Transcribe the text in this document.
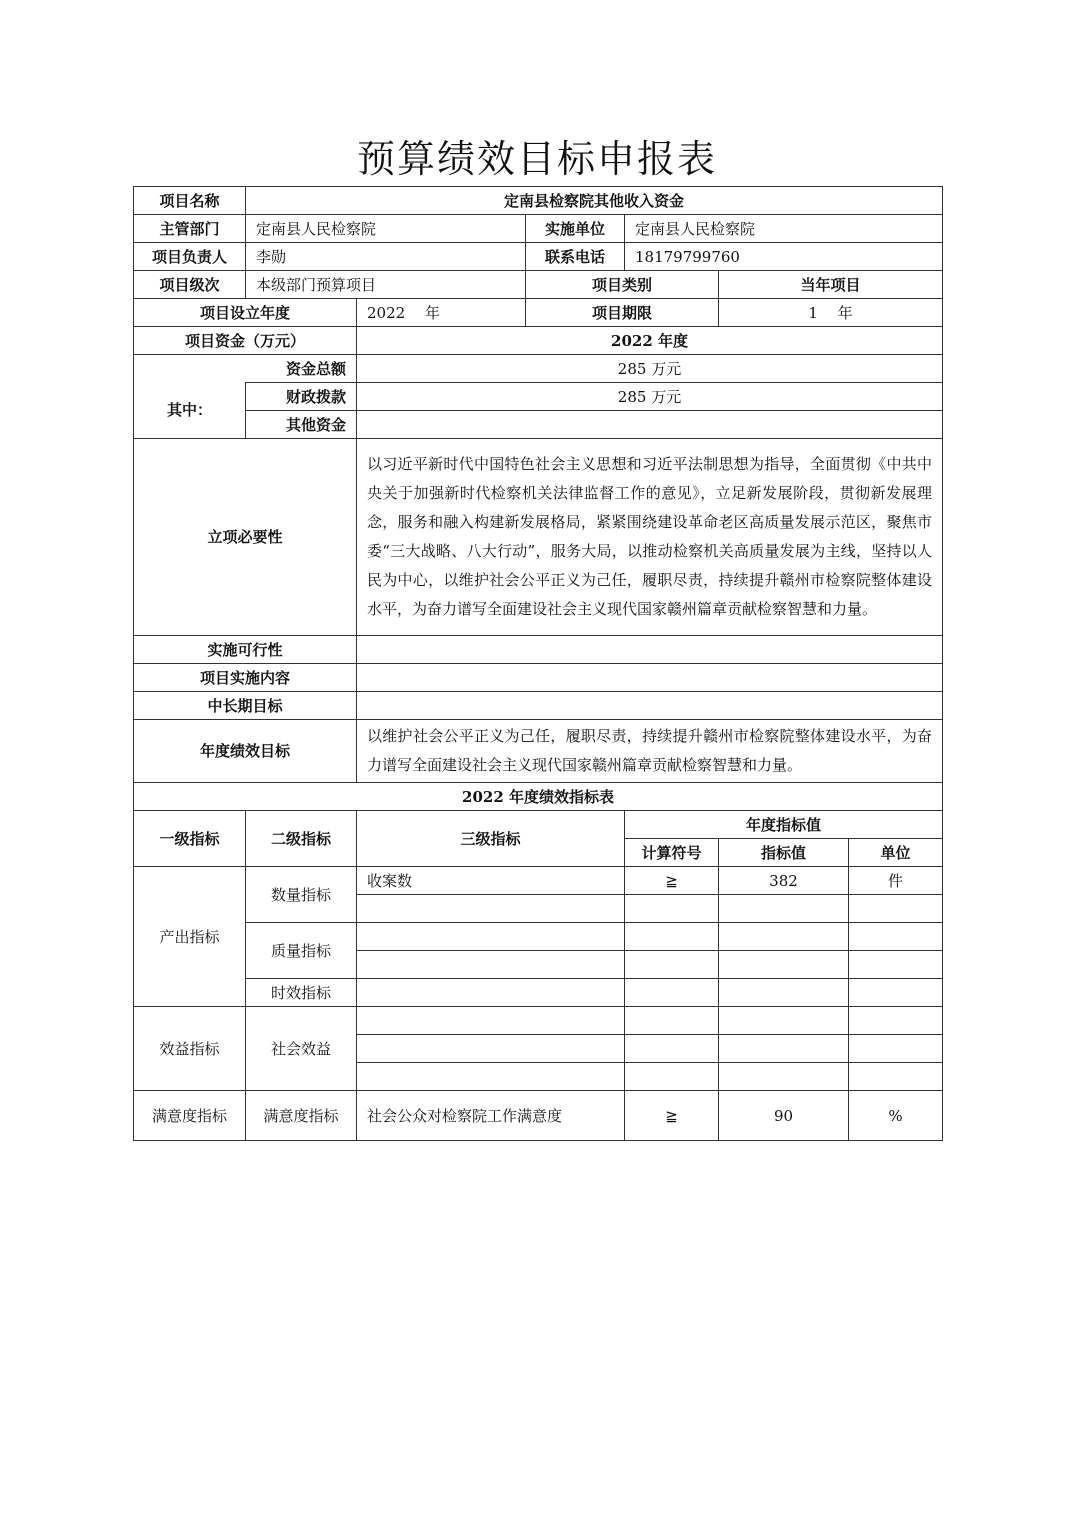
预算绩效目标申报表
项目名称	定南县检察院其他收入资金					
主管部门	定南县人民检察院		实施单位	定南县人民检察院		
项目负责人	李勋		联系电话	18179799760		
项目级次	本级部门预算项目		项目类别		当年项目	
项目设立年度		2022　 年	项目期限		1　 年	
项目资金（万元）		2022 年度				
	资金总额	285 万元				
其中：	财政拨款	285 万元				
	其他资金					
立项必要性		以习近平新时代中国特色社会主义思想和习近平法制思想为指导，全面贯彻《中共中央关于加强新时代检察机关法律监督工作的意见》，立足新发展阶段，贯彻新发展理念，服务和融入构建新发展格局，紧紧围绕建设革命老区高质量发展示范区，聚焦市委“三大战略、八大行动”，服务大局，以推动检察机关高质量发展为主线，坚持以人民为中心，以维护社会公平正义为己任，履职尽责，持续提升赣州市检察院整体建设水平，为奋力谱写全面建设社会主义现代国家赣州篇章贡献检察智慧和力量。				
实施可行性						
项目实施内容						
中长期目标						
年度绩效目标		以维护社会公平正义为己任，履职尽责，持续提升赣州市检察院整体建设水平，为奋力谱写全面建设社会主义现代国家赣州篇章贡献检察智慧和力量。				
2022 年度绩效指标表						
一级指标	二级指标	三级指标		年度指标值		
				计算符号	指标值	单位
产出指标	数量指标	收案数		≧	382	件

	质量指标					

	时效指标					
效益指标	社会效益					

满意度指标	满意度指标	社会公众对检察院工作满意度		≧	90	%
